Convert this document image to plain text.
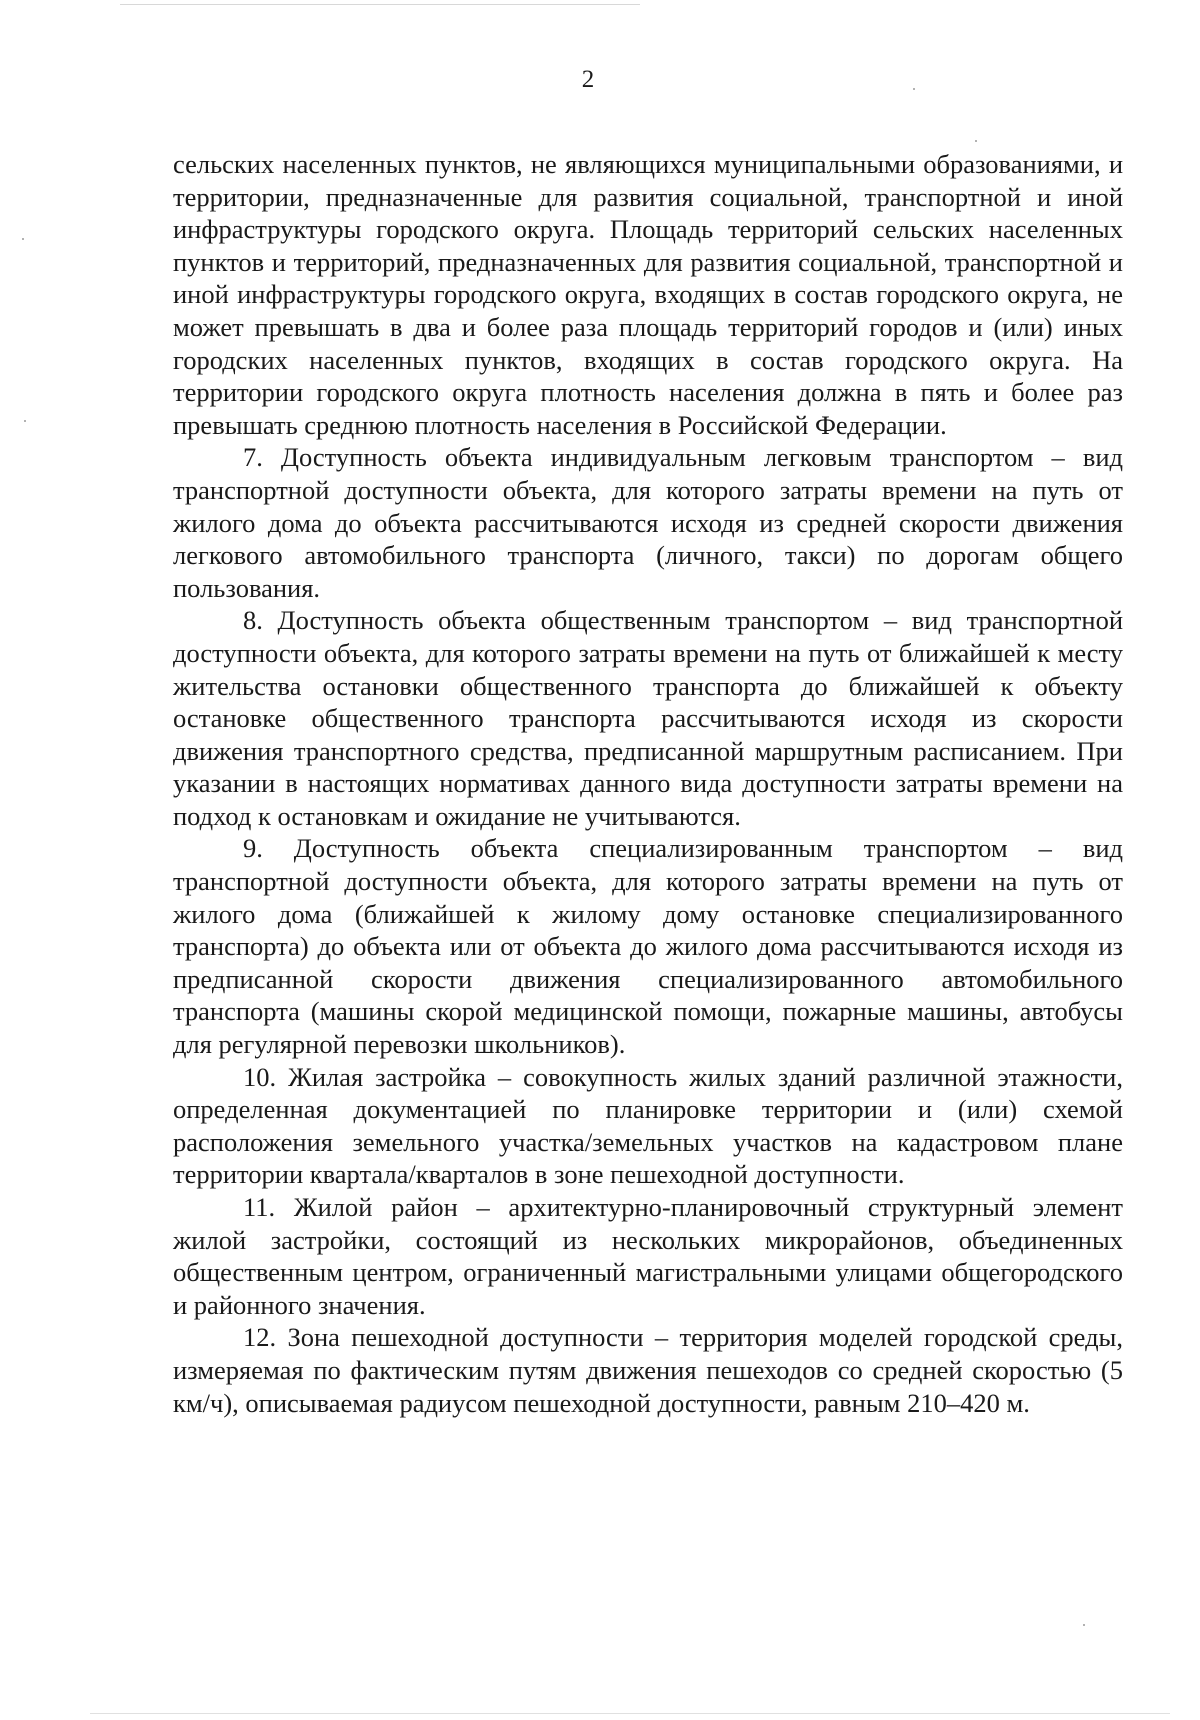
2

сельских населенных пунктов, не являющихся муниципальными образованиями, и территории, предназначенные для развития социальной, транспортной и иной инфраструктуры городского округа. Площадь территорий сельских населенных пунктов и территорий, предназначенных для развития социальной, транспортной и иной инфраструктуры городского округа, входящих в состав городского округа, не может превышать в два и более раза площадь территорий городов и (или) иных городских населенных пунктов, входящих в состав городского округа. На территории городского округа плотность населения должна в пять и более раз превышать среднюю плотность населения в Российской Федерации.

7. Доступность объекта индивидуальным легковым транспортом – вид транспортной доступности объекта, для которого затраты времени на путь от жилого дома до объекта рассчитываются исходя из средней скорости движения легкового автомобильного транспорта (личного, такси) по дорогам общего пользования.

8. Доступность объекта общественным транспортом – вид транспортной доступности объекта, для которого затраты времени на путь от ближайшей к месту жительства остановки общественного транспорта до ближайшей к объекту остановке общественного транспорта рассчитываются исходя из скорости движения транспортного средства, предписанной маршрутным расписанием. При указании в настоящих нормативах данного вида доступности затраты времени на подход к остановкам и ожидание не учитываются.

9. Доступность объекта специализированным транспортом – вид транспортной доступности объекта, для которого затраты времени на путь от жилого дома (ближайшей к жилому дому остановке специализированного транспорта) до объекта или от объекта до жилого дома рассчитываются исходя из предписанной скорости движения специализированного автомобильного транспорта (машины скорой медицинской помощи, пожарные машины, автобусы для регулярной перевозки школьников).

10. Жилая застройка – совокупность жилых зданий различной этажности, определенная документацией по планировке территории и (или) схемой расположения земельного участка/земельных участков на кадастровом плане территории квартала/кварталов в зоне пешеходной доступности.

11. Жилой район – архитектурно-планировочный структурный элемент жилой застройки, состоящий из нескольких микрорайонов, объединенных общественным центром, ограниченный магистральными улицами общегородского и районного значения.

12. Зона пешеходной доступности – территория моделей городской среды, измеряемая по фактическим путям движения пешеходов со средней скоростью (5 км/ч), описываемая радиусом пешеходной доступности, равным 210–420 м.
